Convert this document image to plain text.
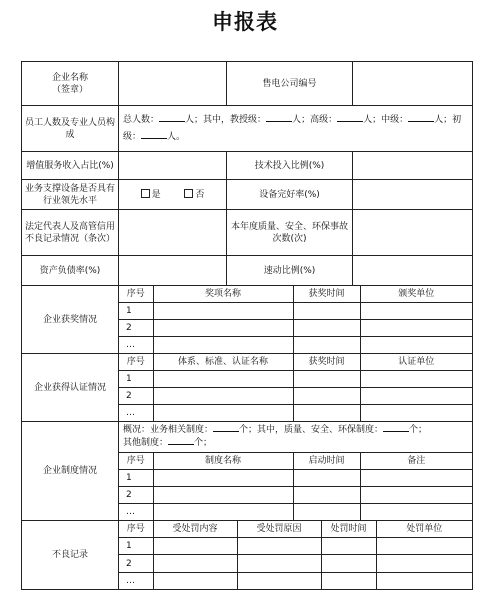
申报表
企业名称
（签章）
		售电公司编号	
员工人数及专业人员构成	总人数：	人；其中，教授级：	人；高级：	人；中级：	人；初级：	人。
增值服务收入占比(%)		技术投入比例(%)	
业务支撑设备是否具有行业领先水平	是	否	设备完好率(%)	
法定代表人及高管信用不良记录情况（条次）		本年度质量、安全、环保事故次数(次)	
资产负债率(%)		速动比例(%)	
企业获奖情况	
序号	奖项名称	获奖时间	颁奖单位
1			
2			
…			

企业获得认证情况	
序号	体系、标准、认证名称	获奖时间	认证单位
1			
2			
…			

企业制度情况	
概况：业务相关制度：	个；其中，质量、安全、环保制度：	个；
其他制度：	个；
序号	制度名称	启动时间	备注
1			
2			
…			

不良记录	
序号	受处罚内容	受处罚原因	处罚时间	处罚单位
1				
2				
…				
